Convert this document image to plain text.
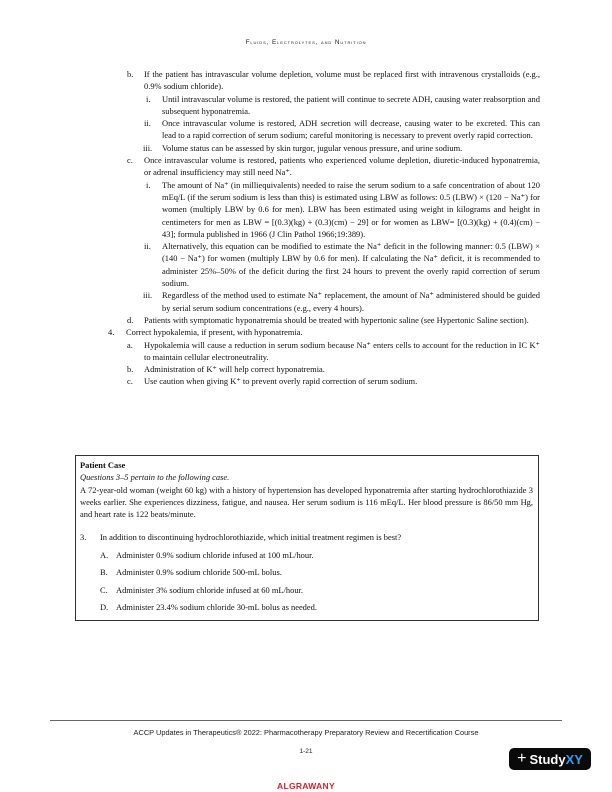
Fluids, Electrolytes, and Nutrition
b. If the patient has intravascular volume depletion, volume must be replaced first with intravenous crystalloids (e.g., 0.9% sodium chloride).
i. Until intravascular volume is restored, the patient will continue to secrete ADH, causing water reabsorption and subsequent hyponatremia.
ii. Once intravascular volume is restored, ADH secretion will decrease, causing water to be excreted. This can lead to a rapid correction of serum sodium; careful monitoring is necessary to prevent overly rapid correction.
iii. Volume status can be assessed by skin turgor, jugular venous pressure, and urine sodium.
c. Once intravascular volume is restored, patients who experienced volume depletion, diuretic-induced hyponatremia, or adrenal insufficiency may still need Na⁺.
i. The amount of Na⁺ (in milliequivalents) needed to raise the serum sodium to a safe concentration of about 120 mEq/L (if the serum sodium is less than this) is estimated using LBW as follows: 0.5 (LBW) × (120 − Na⁺) for women (multiply LBW by 0.6 for men). LBW has been estimated using weight in kilograms and height in centimeters for men as LBW = [(0.3)(kg) + (0.3)(cm) − 29] or for women as LBW= [(0.3)(kg) + (0.4)(cm) − 43]; formula published in 1966 (J Clin Pathol 1966;19:389).
ii. Alternatively, this equation can be modified to estimate the Na⁺ deficit in the following manner: 0.5 (LBW) × (140 − Na⁺) for women (multiply LBW by 0.6 for men). If calculating the Na⁺ deficit, it is recommended to administer 25%–50% of the deficit during the first 24 hours to prevent the overly rapid correction of serum sodium.
iii. Regardless of the method used to estimate Na⁺ replacement, the amount of Na⁺ administered should be guided by serial serum sodium concentrations (e.g., every 4 hours).
d. Patients with symptomatic hyponatremia should be treated with hypertonic saline (see Hypertonic Saline section).
4. Correct hypokalemia, if present, with hyponatremia.
a. Hypokalemia will cause a reduction in serum sodium because Na⁺ enters cells to account for the reduction in IC K⁺ to maintain cellular electroneutrality.
b. Administration of K⁺ will help correct hyponatremia.
c. Use caution when giving K⁺ to prevent overly rapid correction of serum sodium.
Patient Case
Questions 3–5 pertain to the following case.
A 72-year-old woman (weight 60 kg) with a history of hypertension has developed hyponatremia after starting hydrochlorothiazide 3 weeks earlier. She experiences dizziness, fatigue, and nausea. Her serum sodium is 116 mEq/L. Her blood pressure is 86/50 mm Hg, and heart rate is 122 beats/minute.
3. In addition to discontinuing hydrochlorothiazide, which initial treatment regimen is best?
A. Administer 0.9% sodium chloride infused at 100 mL/hour.
B. Administer 0.9% sodium chloride 500-mL bolus.
C. Administer 3% sodium chloride infused at 60 mL/hour.
D. Administer 23.4% sodium chloride 30-mL bolus as needed.
ACCP Updates in Therapeutics® 2022: Pharmacotherapy Preparatory Review and Recertification Course
1-21	+ Study XY
ALGRAWANY
